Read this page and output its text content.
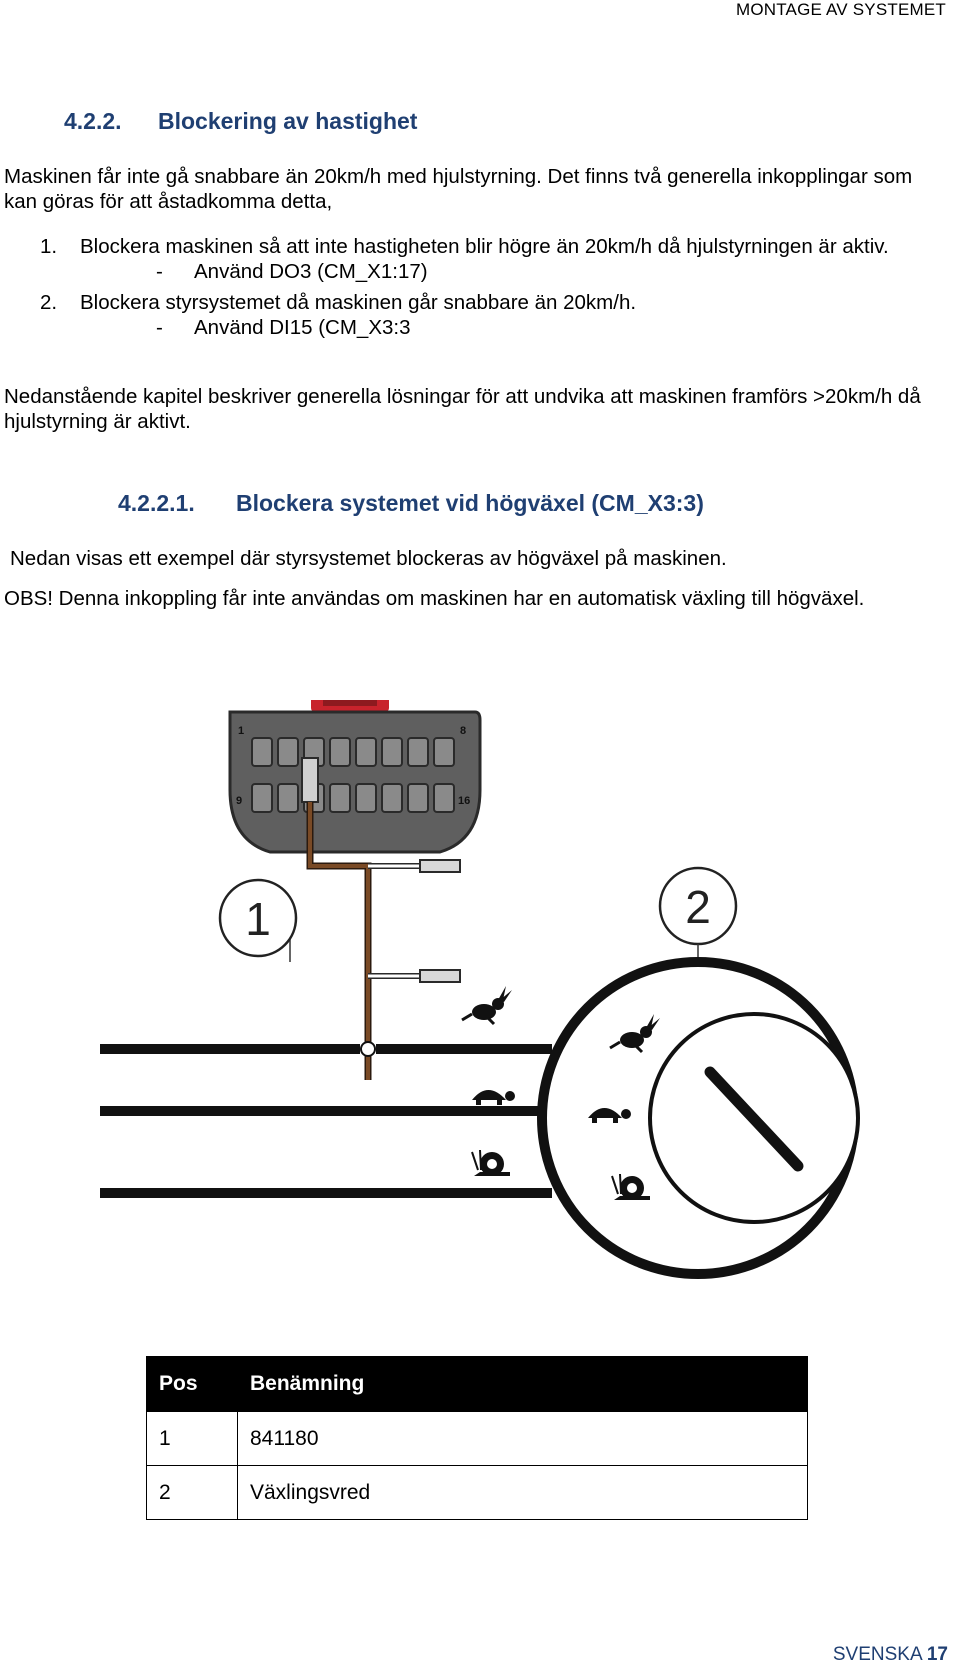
MONTAGE AV SYSTEMET
4.2.2. Blockering av hastighet

Maskinen får inte gå snabbare än 20km/h med hjulstyrning. Det finns två generella inkopplingar som kan göras för att åstadkomma detta,

1.	Blockera maskinen så att inte hastigheten blir högre än 20km/h då hjulstyrningen är aktiv.
-	Använd DO3 (CM_X1:17)
2.	Blockera styrsystemet då maskinen går snabbare än 20km/h.
-	Använd DI15 (CM_X3:3

Nedanstående kapitel beskriver generella lösningar för att undvika att maskinen framförs >20km/h då hjulstyrning är aktivt.

4.2.2.1. Blockera systemet vid högväxel (CM_X3:3)

Nedan visas ett exempel där styrsystemet blockeras av högväxel på maskinen.

OBS! Denna inkoppling får inte användas om maskinen har en automatisk växling till högväxel.

1	8
9	16
1	2
Pos	Benämning
1	841180
2	Växlingsvred
SVENSKA 17
